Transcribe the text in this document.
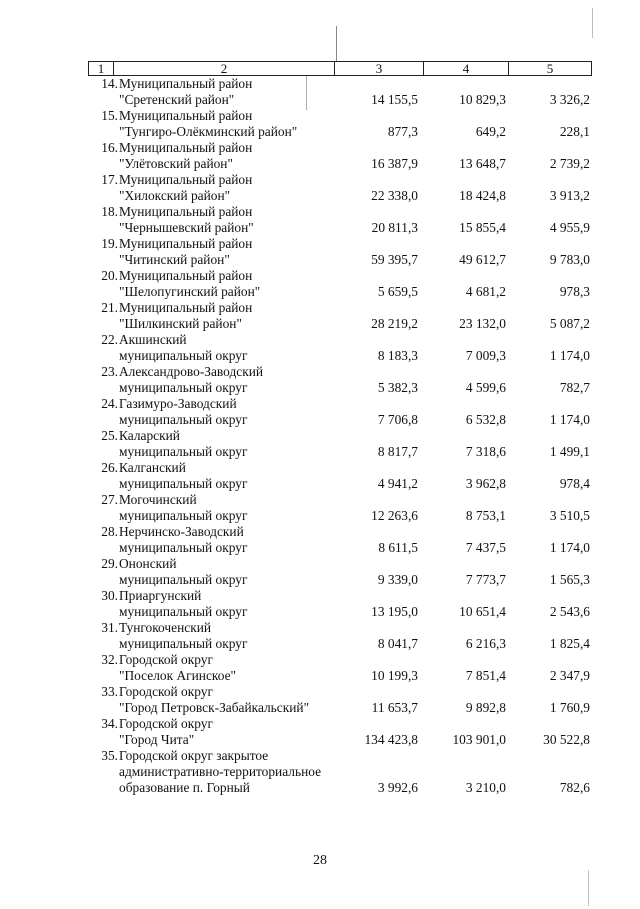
1	2	3	4	5
14. Муниципальный район
"Сретенский район"	14 155,5	10 829,3	3 326,2
15. Муниципальный район
"Тунгиро-Олёкминский район"	877,3	649,2	228,1
16. Муниципальный район
"Улётовский район"	16 387,9	13 648,7	2 739,2
17. Муниципальный район
"Хилокский район"	22 338,0	18 424,8	3 913,2
18. Муниципальный район
"Чернышевский район"	20 811,3	15 855,4	4 955,9
19. Муниципальный район
"Читинский район"	59 395,7	49 612,7	9 783,0
20. Муниципальный район
"Шелопугинский район"	5 659,5	4 681,2	978,3
21. Муниципальный район
"Шилкинский район"	28 219,2	23 132,0	5 087,2
22. Акшинский
муниципальный округ	8 183,3	7 009,3	1 174,0
23. Александрово-Заводский
муниципальный округ	5 382,3	4 599,6	782,7
24. Газимуро-Заводский
муниципальный округ	7 706,8	6 532,8	1 174,0
25. Каларский
муниципальный округ	8 817,7	7 318,6	1 499,1
26. Калганский
муниципальный округ	4 941,2	3 962,8	978,4
27. Могочинский
муниципальный округ	12 263,6	8 753,1	3 510,5
28. Нерчинско-Заводский
муниципальный округ	8 611,5	7 437,5	1 174,0
29. Ононский
муниципальный округ	9 339,0	7 773,7	1 565,3
30. Приаргунский
муниципальный округ	13 195,0	10 651,4	2 543,6
31. Тунгокоченский
муниципальный округ	8 041,7	6 216,3	1 825,4
32. Городской округ
"Поселок Агинское"	10 199,3	7 851,4	2 347,9
33. Городской округ
"Город Петровск-Забайкальский"	11 653,7	9 892,8	1 760,9
34. Городской округ
"Город Чита"	134 423,8	103 901,0	30 522,8
35. Городской округ закрытое
административно-территориальное
образование п. Горный	3 992,6	3 210,0	782,6
28
